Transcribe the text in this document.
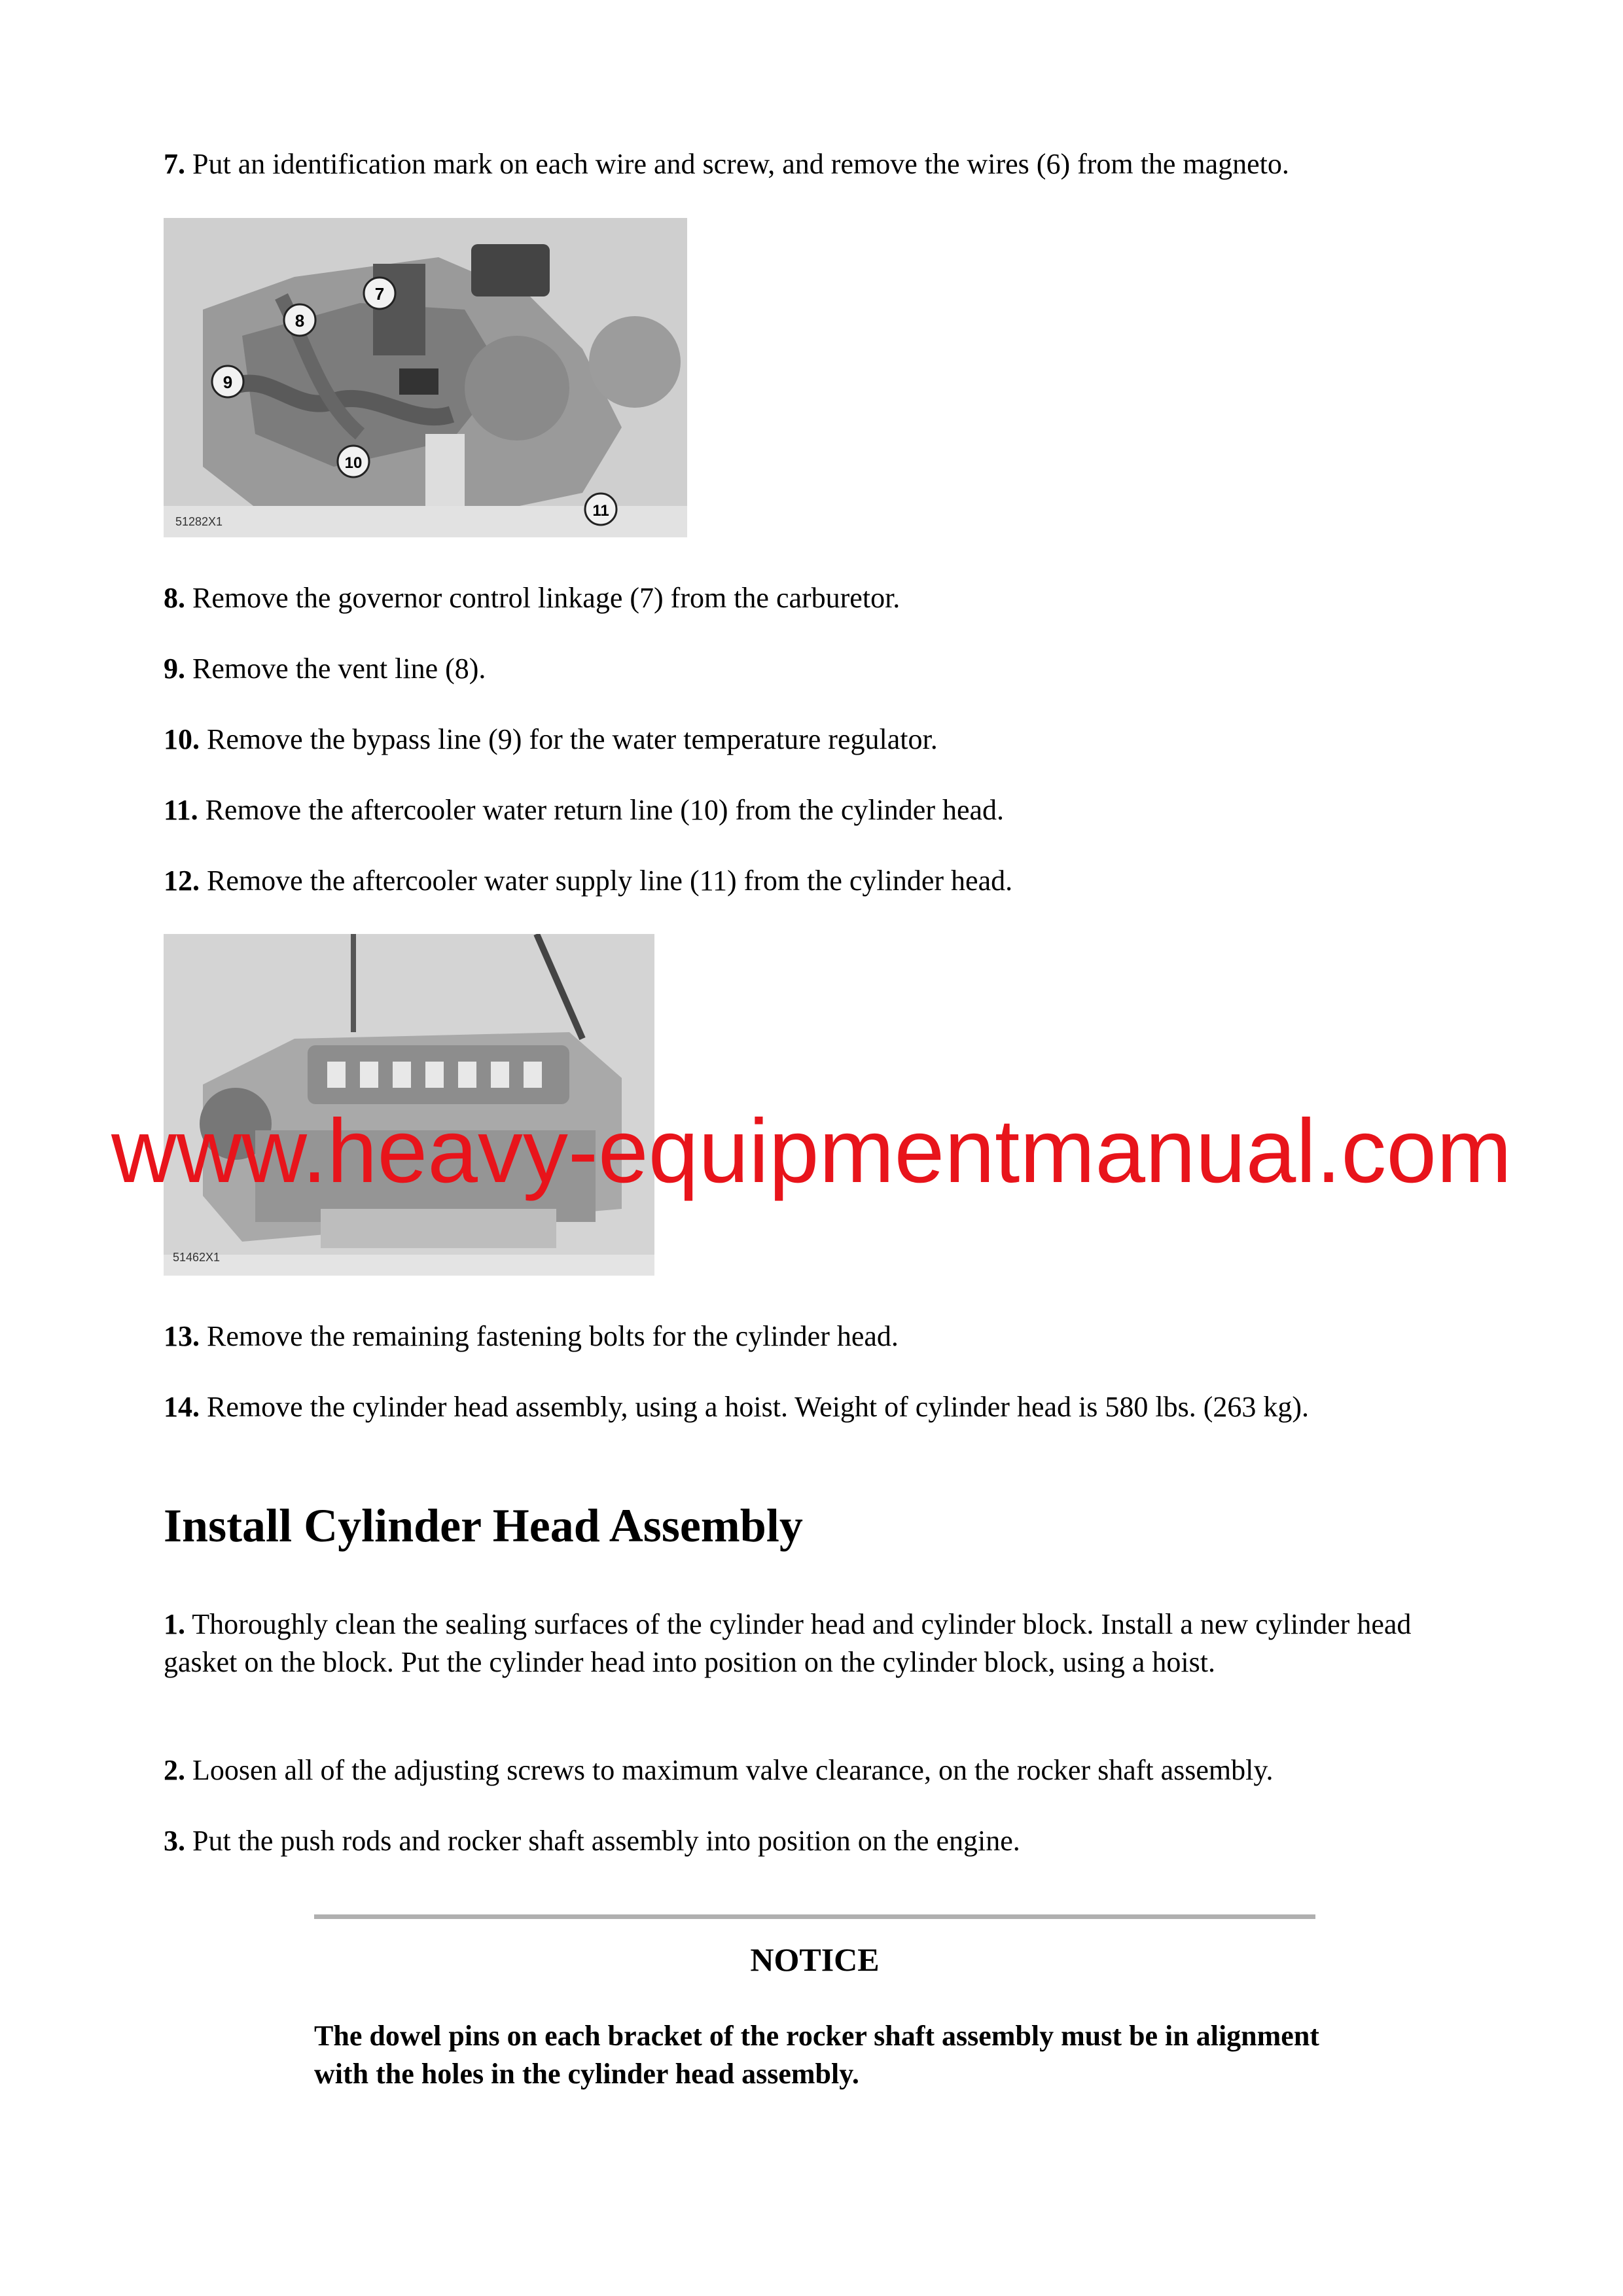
7. Put an identification mark on each wire and screw, and remove the wires (6) from the magneto.
7
8
9
10
11
51282X1
8. Remove the governor control linkage (7) from the carburetor.
9. Remove the vent line (8).
10. Remove the bypass line (9) for the water temperature regulator.
11. Remove the aftercooler water return line (10) from the cylinder head.
12. Remove the aftercooler water supply line (11) from the cylinder head.
51462X1
13. Remove the remaining fastening bolts for the cylinder head.
14. Remove the cylinder head assembly, using a hoist. Weight of cylinder head is 580 lbs. (263 kg).
Install Cylinder Head Assembly
1. Thoroughly clean the sealing surfaces of the cylinder head and cylinder block. Install a new cylinder head gasket on the block. Put the cylinder head into position on the cylinder block, using a hoist.
2. Loosen all of the adjusting screws to maximum valve clearance, on the rocker shaft assembly.
3. Put the push rods and rocker shaft assembly into position on the engine.
NOTICE
The dowel pins on each bracket of the rocker shaft assembly must be in alignment with the holes in the cylinder head assembly.
www.heavy-equipmentmanual.com
